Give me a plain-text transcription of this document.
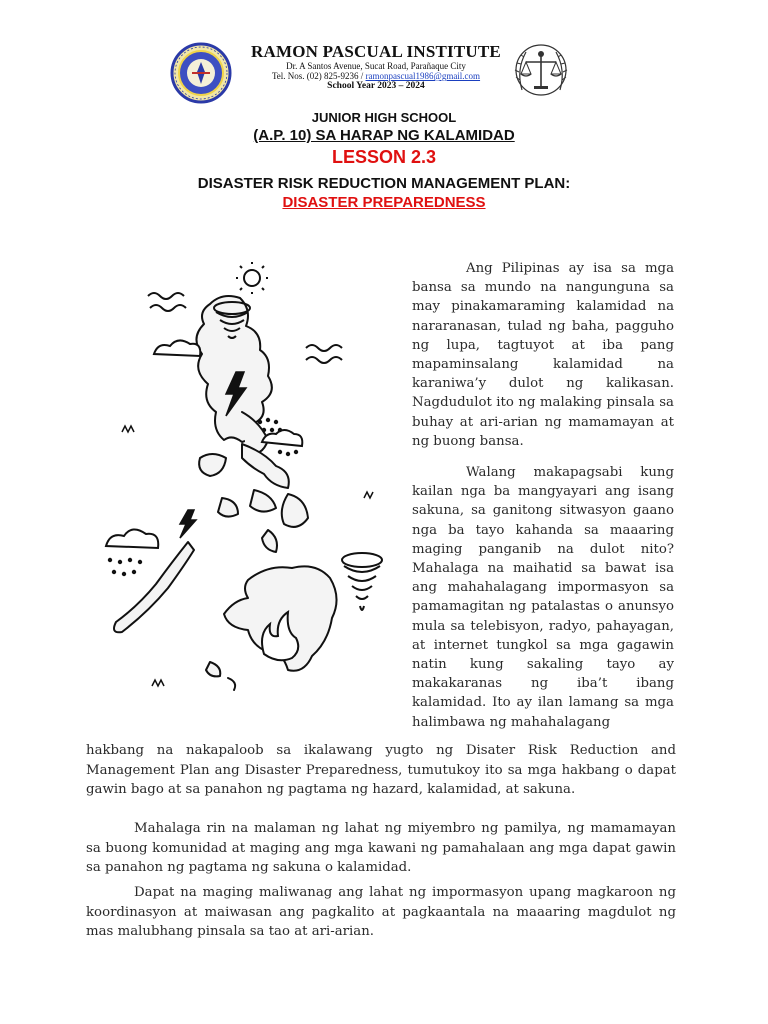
RAMON PASCUAL INSTITUTE
Dr. A Santos Avenue, Sucat Road, Parañaque City
Tel. Nos. (02) 825-9236 / ramonpascual1986@gmail.com
School Year 2023 – 2024
JUNIOR HIGH SCHOOL
(A.P. 10) SA HARAP NG KALAMIDAD
LESSON 2.3
DISASTER RISK REDUCTION MANAGEMENT PLAN:
DISASTER PREPAREDNESS

Ang Pilipinas ay isa sa mga bansa sa mundo na nangunguna sa may pinakamaraming kalamidad na nararanasan, tulad ng baha, pagguho ng lupa, tagtuyot at iba pang mapaminsalang kalamidad na karaniwa’y dulot ng kalikasan. Nagdudulot ito ng malaking pinsala sa buhay at ari-arian ng mamamayan at ng buong bansa.

Walang makapagsabi kung kailan nga ba mangyayari ang isang sakuna, sa ganitong sitwasyon gaano nga ba tayo kahanda sa maaaring maging panganib na dulot nito? Mahalaga na maihatid sa bawat isa ang mahahalagang impormasyon sa pamamagitan ng patalastas o anunsyo mula sa telebisyon, radyo, pahayagan, at internet tungkol sa mga gagawin natin kung sakaling tayo ay makakaranas ng iba’t ibang kalamidad. Ito ay ilan lamang sa mga halimbawa ng mahahalagang

hakbang na nakapaloob sa ikalawang yugto ng Disater Risk Reduction and Management Plan ang Disaster Preparedness, tumutukoy ito sa mga hakbang o dapat gawin bago at sa panahon ng pagtama ng hazard, kalamidad, at sakuna.

Mahalaga rin na malaman ng lahat ng miyembro ng pamilya, ng mamamayan sa buong komunidad at maging ang mga kawani ng pamahalaan ang mga dapat gawin sa panahon ng pagtama ng sakuna o kalamidad.

Dapat na maging maliwanag ang lahat ng impormasyon upang magkaroon ng koordinasyon at maiwasan ang pagkalito at pagkaantala na maaaring magdulot ng mas malubhang pinsala sa tao at ari-arian.
